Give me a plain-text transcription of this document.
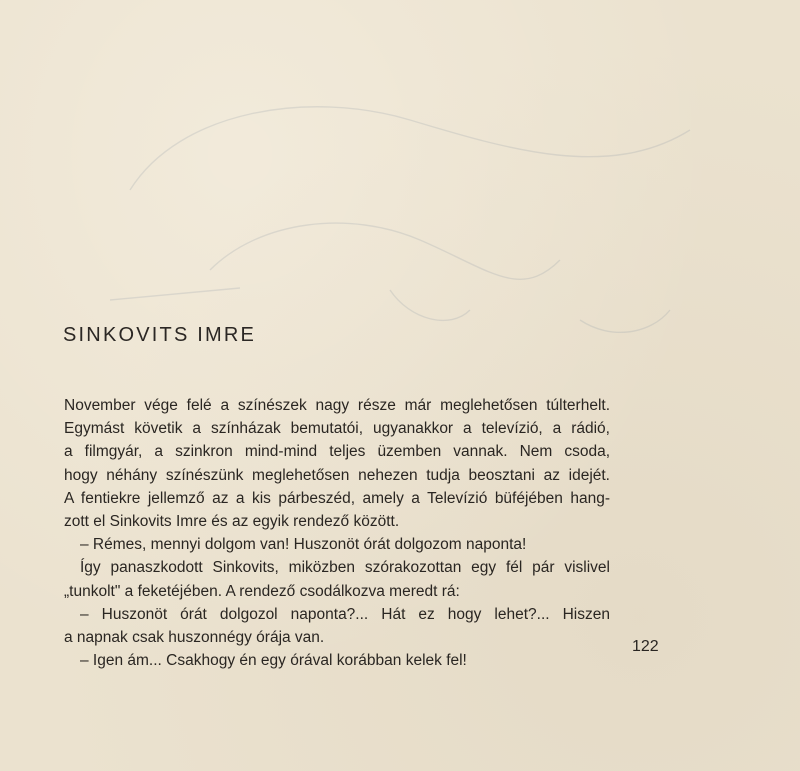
SINKOVITS IMRE
November vége felé a színészek nagy része már meglehetősen túlterhelt.
Egymást követik a színházak bemutatói, ugyanakkor a televízió, a rádió,
a filmgyár, a szinkron mind-mind teljes üzemben vannak. Nem csoda,
hogy néhány színészünk meglehetősen nehezen tudja beosztani az idejét.
A fentiekre jellemző az a kis párbeszéd, amely a Televízió büféjében hang-
zott el Sinkovits Imre és az egyik rendező között.
– Rémes, mennyi dolgom van! Huszonöt órát dolgozom naponta!
Így panaszkodott Sinkovits, miközben szórakozottan egy fél pár vislivel
„tunkolt" a feketéjében. A rendező csodálkozva meredt rá:
– Huszonöt órát dolgozol naponta?... Hát ez hogy lehet?... Hiszen
a napnak csak huszonnégy órája van.
– Igen ám... Csakhogy én egy órával korábban kelek fel!
122
